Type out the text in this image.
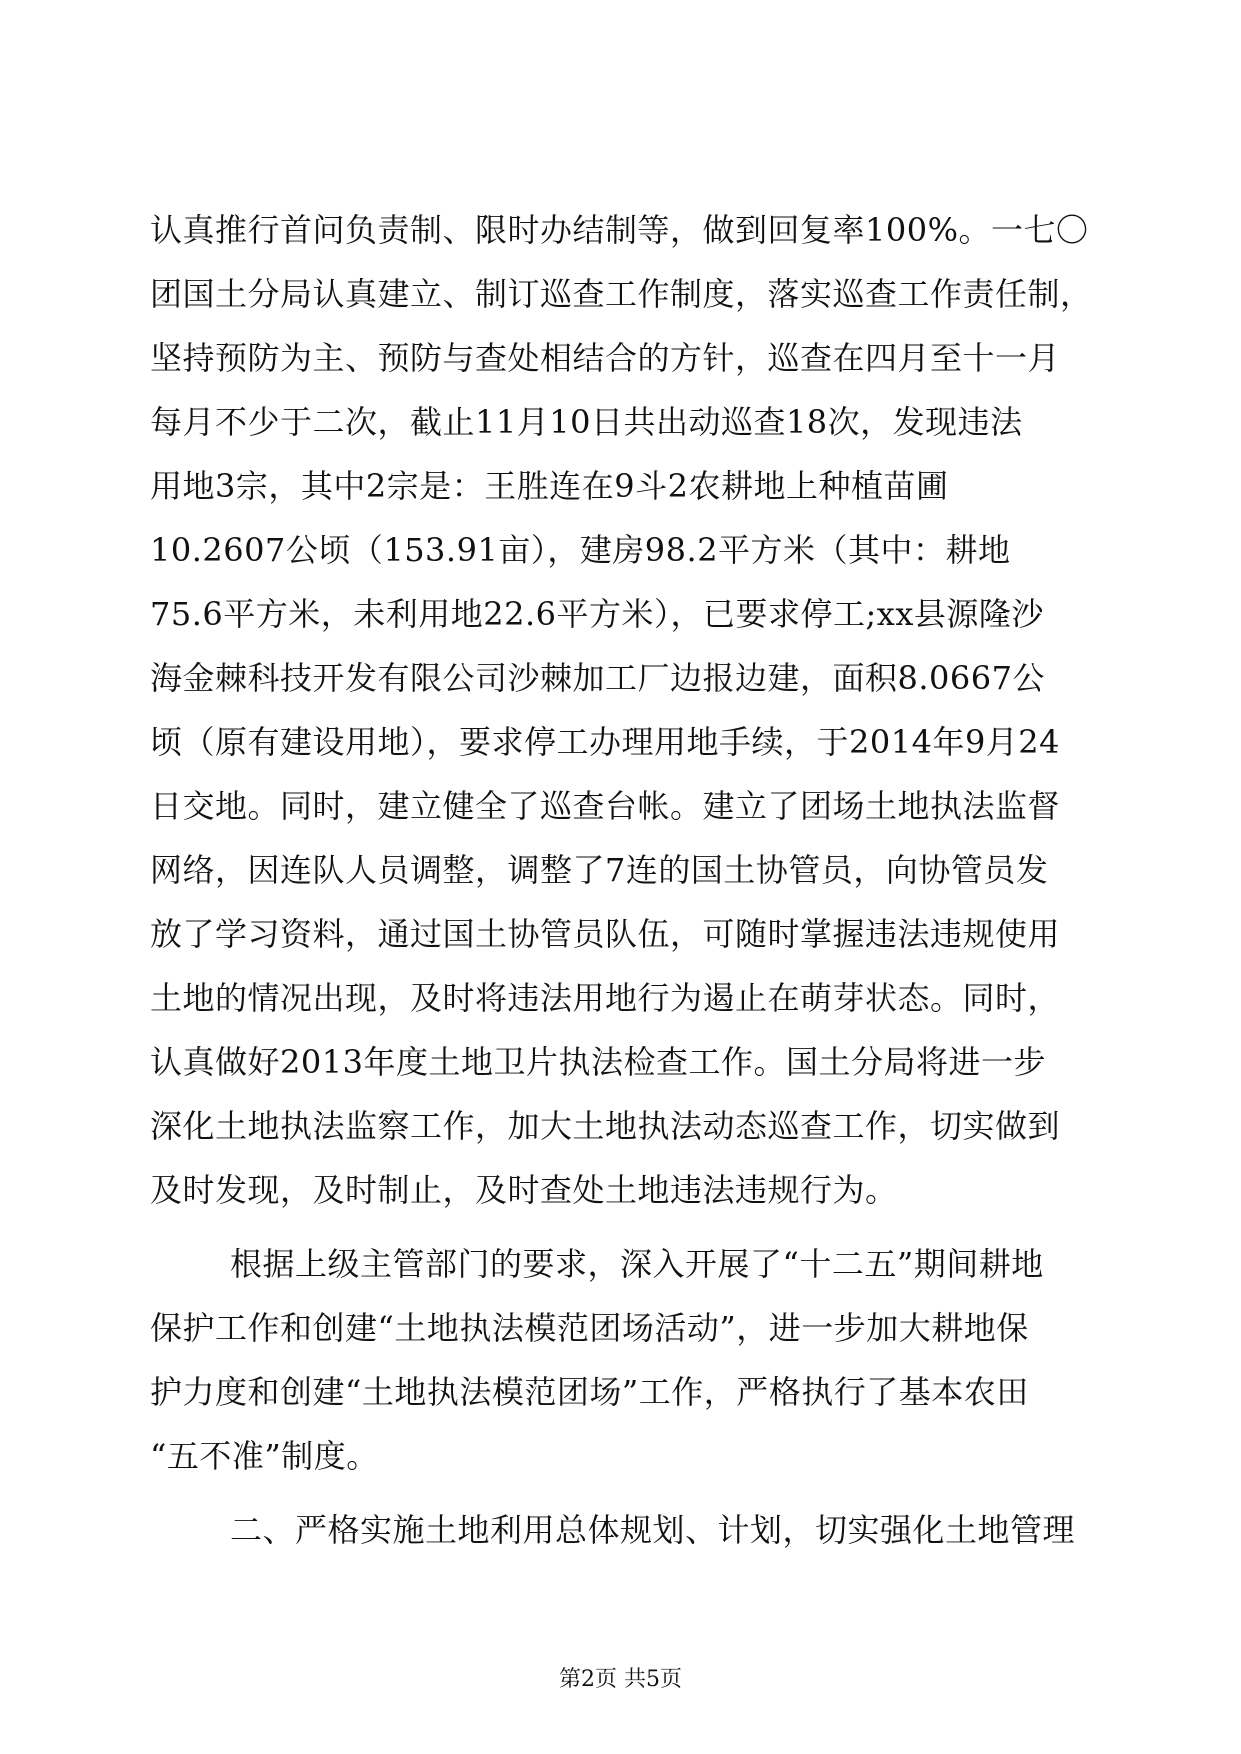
认真推行首问负责制、限时办结制等，做到回复率100%。一七〇
团国土分局认真建立、制订巡查工作制度，落实巡查工作责任制，
坚持预防为主、预防与查处相结合的方针，巡查在四月至十一月
每月不少于二次，截止11月10日共出动巡查18次，发现违法
用地3宗，其中2宗是：王胜连在9斗2农耕地上种植苗圃
10.2607公顷（153.91亩），建房98.2平方米（其中：耕地
75.6平方米，未利用地22.6平方米），已要求停工;xx县源隆沙
海金棘科技开发有限公司沙棘加工厂边报边建，面积8.0667公
顷（原有建设用地），要求停工办理用地手续，于2014年9月24
日交地。同时，建立健全了巡查台帐。建立了团场土地执法监督
网络，因连队人员调整，调整了7连的国土协管员，向协管员发
放了学习资料，通过国土协管员队伍，可随时掌握违法违规使用
土地的情况出现，及时将违法用地行为遏止在萌芽状态。同时，
认真做好2013年度土地卫片执法检查工作。国土分局将进一步
深化土地执法监察工作，加大土地执法动态巡查工作，切实做到
及时发现，及时制止，及时查处土地违法违规行为。
根据上级主管部门的要求，深入开展了“十二五”期间耕地
保护工作和创建“土地执法模范团场活动”，进一步加大耕地保
护力度和创建“土地执法模范团场”工作，严格执行了基本农田
“五不准”制度。
二、严格实施土地利用总体规划、计划，切实强化土地管理
第2页 共5页
